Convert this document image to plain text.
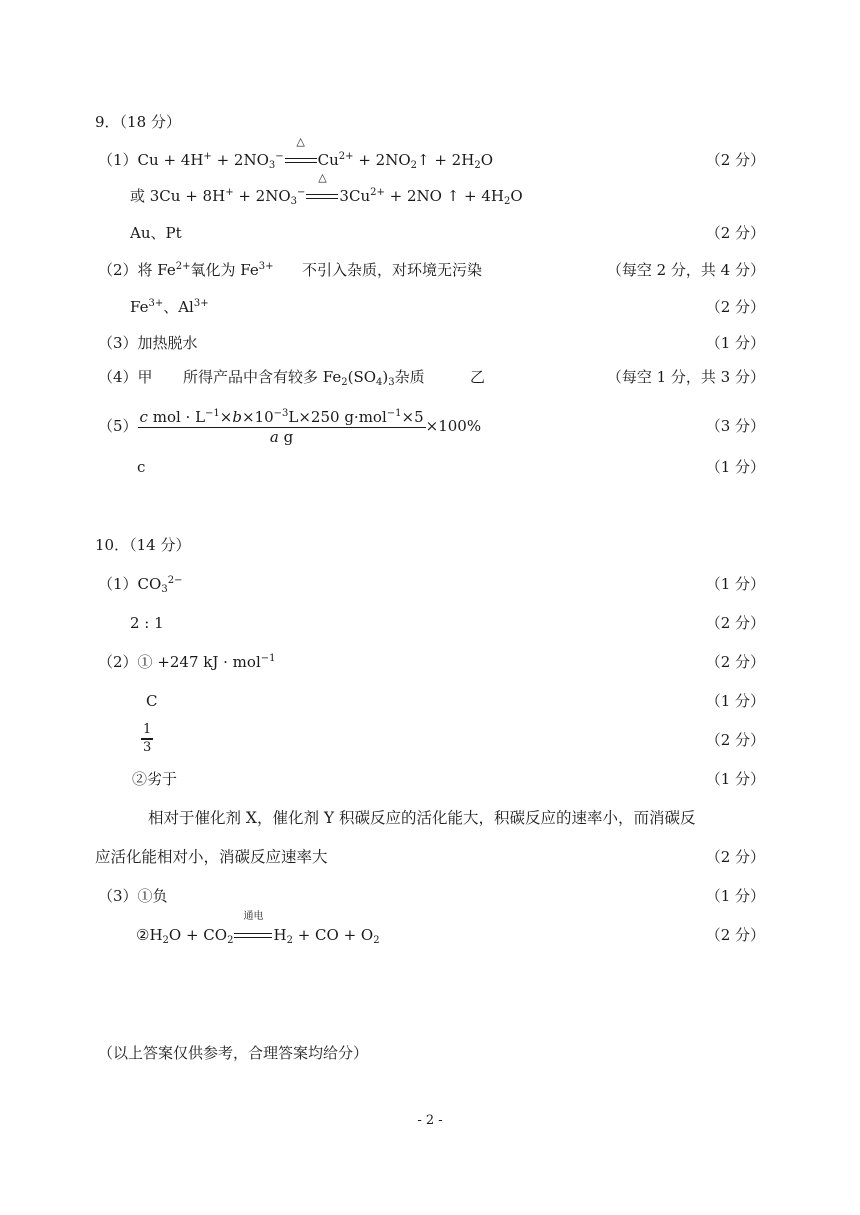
9．（18 分）
$(1)Cu + 4H^+ + 2NO_3^-$
△
$Cu^{2+}$ + $2NO_2↑ + 2H_2O$	（2 分）
或 $3Cu + 8H^+ + 2NO_3^-$
△
$3Cu^{2+} + 2NO$ ↑ + $4H_2O$
Au、Pt	（2 分）
（2）将 $Fe^{2+}$氧化为 $Fe^{3+}$ 不引入杂质，对环境无污染	（每空 2 分，共 4 分）
$Fe^{3+}$、$Al^{3+}$	（2 分）
（3）加热脱水	（1 分）
（4）甲 所得产品中含有较多 $Fe_2(SO_4)_3$杂质	乙	（每空 1 分，共 3 分）
$(5) \frac{c mol \cdot L^{-1}\times b\times 10^{-3}L\times 250 g\cdot mol^{-1}\times 5}{\text{a g}} \times 100\%$	（3 分）
c	（1 分）
10．（14 分）
$(1)CO_3^{2-}$	（1 分）
2 : 1	（2 分）
（2）① +247 kJ · mol$^{-1}$	（2 分）
C	（1 分）
$\frac{1}{3}$	（2 分）
②劣于	（1 分）
相对于催化剂 X，催化剂 Y 积碳反应的活化能大，积碳反应的速率小，而消碳反
应活化能相对小，消碳反应速率大	（2 分）
（3）①负	（1 分）
$②H_2O + CO_2$
通电
$H_2$ + CO + $O_2$	（2 分）
（以上答案仅供参考，合理答案均给分）
- 2 -
